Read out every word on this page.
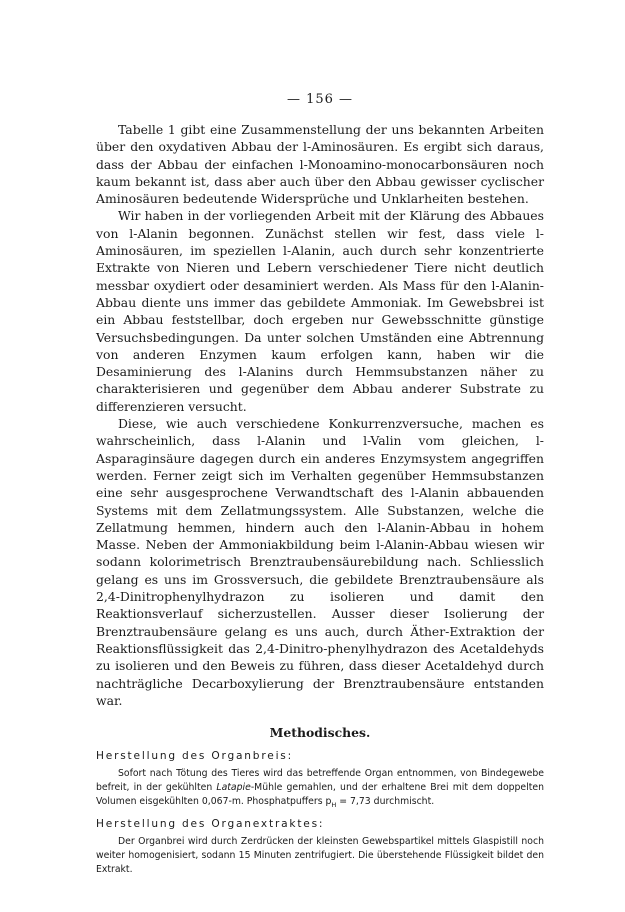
— 156 —

Tabelle 1 gibt eine Zusammenstellung der uns bekannten Arbeiten über den oxydativen Abbau der l-Aminosäuren. Es ergibt sich daraus, dass der Abbau der einfachen l-Monoamino-monocarbonsäuren noch kaum bekannt ist, dass aber auch über den Abbau gewisser cyclischer Aminosäuren bedeutende Widersprüche und Unklarheiten bestehen.

Wir haben in der vorliegenden Arbeit mit der Klärung des Abbaues von l-Alanin begonnen. Zunächst stellen wir fest, dass viele l-Aminosäuren, im speziellen l-Alanin, auch durch sehr konzentrierte Extrakte von Nieren und Lebern verschiedener Tiere nicht deutlich messbar oxydiert oder desaminiert werden. Als Mass für den l-Alanin-Abbau diente uns immer das gebildete Ammoniak. Im Gewebsbrei ist ein Abbau feststellbar, doch ergeben nur Gewebsschnitte günstige Versuchsbedingungen. Da unter solchen Umständen eine Abtrennung von anderen Enzymen kaum erfolgen kann, haben wir die Desaminierung des l-Alanins durch Hemmsubstanzen näher zu charakterisieren und gegenüber dem Abbau anderer Substrate zu differenzieren versucht.

Diese, wie auch verschiedene Konkurrenzversuche, machen es wahrscheinlich, dass l-Alanin und l-Valin vom gleichen, l-Asparaginsäure dagegen durch ein anderes Enzymsystem angegriffen werden. Ferner zeigt sich im Verhalten gegenüber Hemmsubstanzen eine sehr ausgesprochene Verwandtschaft des l-Alanin abbauenden Systems mit dem Zellatmungssystem. Alle Substanzen, welche die Zellatmung hemmen, hindern auch den l-Alanin-Abbau in hohem Masse. Neben der Ammoniakbildung beim l-Alanin-Abbau wiesen wir sodann kolorimetrisch Brenztraubensäurebildung nach. Schliesslich gelang es uns im Grossversuch, die gebildete Brenztraubensäure als 2,4-Dinitrophenylhydrazon zu isolieren und damit den Reaktionsverlauf sicherzustellen. Ausser dieser Isolierung der Brenztraubensäure gelang es uns auch, durch Äther-Extraktion der Reaktionsflüssigkeit das 2,4-Dinitro-phenylhydrazon des Acetaldehyds zu isolieren und den Beweis zu führen, dass dieser Acetaldehyd durch nachträgliche Decarboxylierung der Brenztraubensäure entstanden war.

Methodisches.
Herstellung des Organbreis:

Sofort nach Tötung des Tieres wird das betreffende Organ entnommen, von Bindegewebe befreit, in der gekühlten Latapie-Mühle gemahlen, und der erhaltene Brei mit dem doppelten Volumen eisgekühlten 0,067-m. Phosphatpuffers $p_H = 7,73$ durchmischt.

Herstellung des Organextraktes:

Der Organbrei wird durch Zerdrücken der kleinsten Gewebspartikel mittels Glaspistill noch weiter homogenisiert, sodann 15 Minuten zentrifugiert. Die überstehende Flüssigkeit bildet den Extrakt.
